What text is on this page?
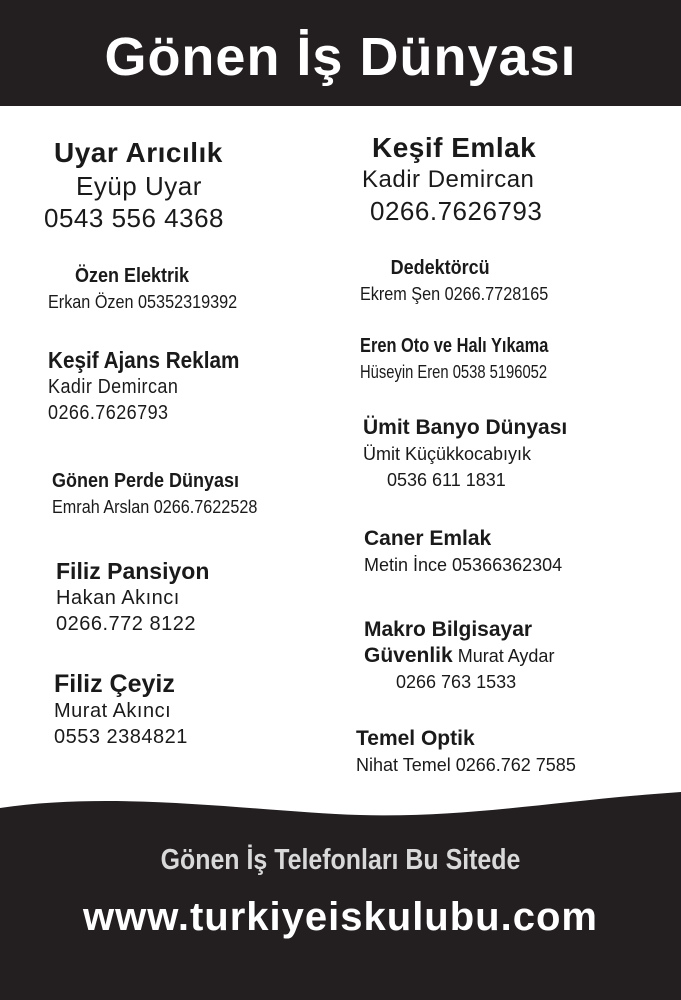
Gönen İş Dünyası
Uyar Arıcılık
Eyüp Uyar
0543 556 4368
Özen Elektrik
Erkan Özen 05352319392
Keşif Ajans Reklam
Kadir Demircan
0266.7626793
Gönen Perde Dünyası
Emrah Arslan 0266.7622528
Filiz Pansiyon
Hakan Akıncı
0266.772 8122
Filiz Çeyiz
Murat Akıncı
0553 2384821
Keşif Emlak
Kadir Demircan
0266.7626793
Dedektörcü
Ekrem Şen 0266.7728165
Eren Oto ve Halı Yıkama
Hüseyin Eren 0538 5196052
Ümit Banyo Dünyası
Ümit Küçükkocabıyık
0536 611 1831
Caner Emlak
Metin İnce 05366362304
Makro Bilgisayar
Güvenlik Murat Aydar
0266 763 1533
Temel Optik
Nihat Temel 0266.762 7585
Gönen İş Telefonları Bu Sitede
www.turkiyeiskulubu.com
